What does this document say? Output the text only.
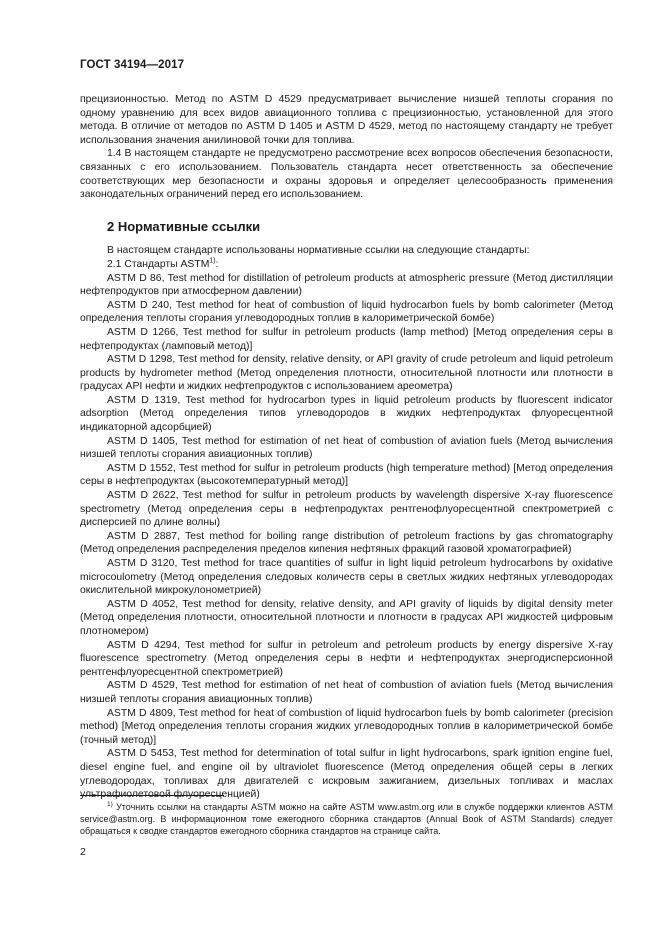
ГОСТ 34194—2017

прецизионностью. Метод по ASTM D 4529 предусматривает вычисление низшей теплоты сгорания по одному уравнению для всех видов авиационного топлива с прецизионностью, установленной для этого метода. В отличие от методов по ASTM D 1405 и ASTM D 4529, метод по настоящему стандарту не требует использования значения анилиновой точки для топлива.

1.4 В настоящем стандарте не предусмотрено рассмотрение всех вопросов обеспечения безопасности, связанных с его использованием. Пользователь стандарта несет ответственность за обеспечение соответствующих мер безопасности и охраны здоровья и определяет целесообразность применения законодательных ограничений перед его использованием.

2 Нормативные ссылки

В настоящем стандарте использованы нормативные ссылки на следующие стандарты:

2.1 Стандарты ASTM$^{1)}$:

ASTM D 86, Test method for distillation of petroleum products at atmospheric pressure (Метод дистилляции нефтепродуктов при атмосферном давлении)

ASTM D 240, Test method for heat of combustion of liquid hydrocarbon fuels by bomb calorimeter (Метод определения теплоты сгорания углеводородных топлив в калориметрической бомбе)

ASTM D 1266, Test method for sulfur in petroleum products (lamp method) [Метод определения серы в нефтепродуктах (ламповый метод)]

ASTM D 1298, Test method for density, relative density, or API gravity of crude petroleum and liquid petroleum products by hydrometer method (Метод определения плотности, относительной плотности или плотности в градусах API нефти и жидких нефтепродуктов с использованием ареометра)

ASTM D 1319, Test method for hydrocarbon types in liquid petroleum products by fluorescent indicator adsorption (Метод определения типов углеводородов в жидких нефтепродуктах флуоресцентной индикаторной адсорбцией)

ASTM D 1405, Test method for estimation of net heat of combustion of aviation fuels (Метод вычисления низшей теплоты сгорания авиационных топлив)

ASTM D 1552, Test method for sulfur in petroleum products (high temperature method) [Метод определения серы в нефтепродуктах (высокотемпературный метод)]

ASTM D 2622, Test method for sulfur in petroleum products by wavelength dispersive X-ray fluorescence spectrometry (Метод определения серы в нефтепродуктах рентгенофлуоресцентной спектрометрией с дисперсией по длине волны)

ASTM D 2887, Test method for boiling range distribution of petroleum fractions by gas chromatography (Метод определения распределения пределов кипения нефтяных фракций газовой хроматографией)

ASTM D 3120, Test method for trace quantities of sulfur in light liquid petroleum hydrocarbons by oxidative microcoulometry (Метод определения следовых количеств серы в светлых жидких нефтяных углеводородах окислительной микрокулонометрией)

ASTM D 4052, Test method for density, relative density, and API gravity of liquids by digital density meter (Метод определения плотности, относительной плотности и плотности в градусах API жидкостей цифровым плотномером)

ASTM D 4294, Test method for sulfur in petroleum and petroleum products by energy dispersive X-ray fluorescence spectrometry (Метод определения серы в нефти и нефтепродуктах энергодисперсионной рентгенфлуоресцентной спектрометрией)

ASTM D 4529, Test method for estimation of net heat of combustion of aviation fuels (Метод вычисления низшей теплоты сгорания авиационных топлив)

ASTM D 4809, Test method for heat of combustion of liquid hydrocarbon fuels by bomb calorimeter (precision method) [Метод определения теплоты сгорания жидких углеводородных топлив в калориметрической бомбе (точный метод)]

ASTM D 5453, Test method for determination of total sulfur in light hydrocarbons, spark ignition engine fuel, diesel engine fuel, and engine oil by ultraviolet fluorescence (Метод определения общей серы в легких углеводородах, топливах для двигателей с искровым зажиганием, дизельных топливах и маслах ультрафиолетовой флуоресценцией)

$^{1)}$ Уточнить ссылки на стандарты ASTM можно на сайте ASTM www.astm.org или в службе поддержки клиентов ASTM service@astm.org. В информационном томе ежегодного сборника стандартов (Annual Book of ASTM Standards) следует обращаться к сводке стандартов ежегодного сборника стандартов на странице сайта.
2
